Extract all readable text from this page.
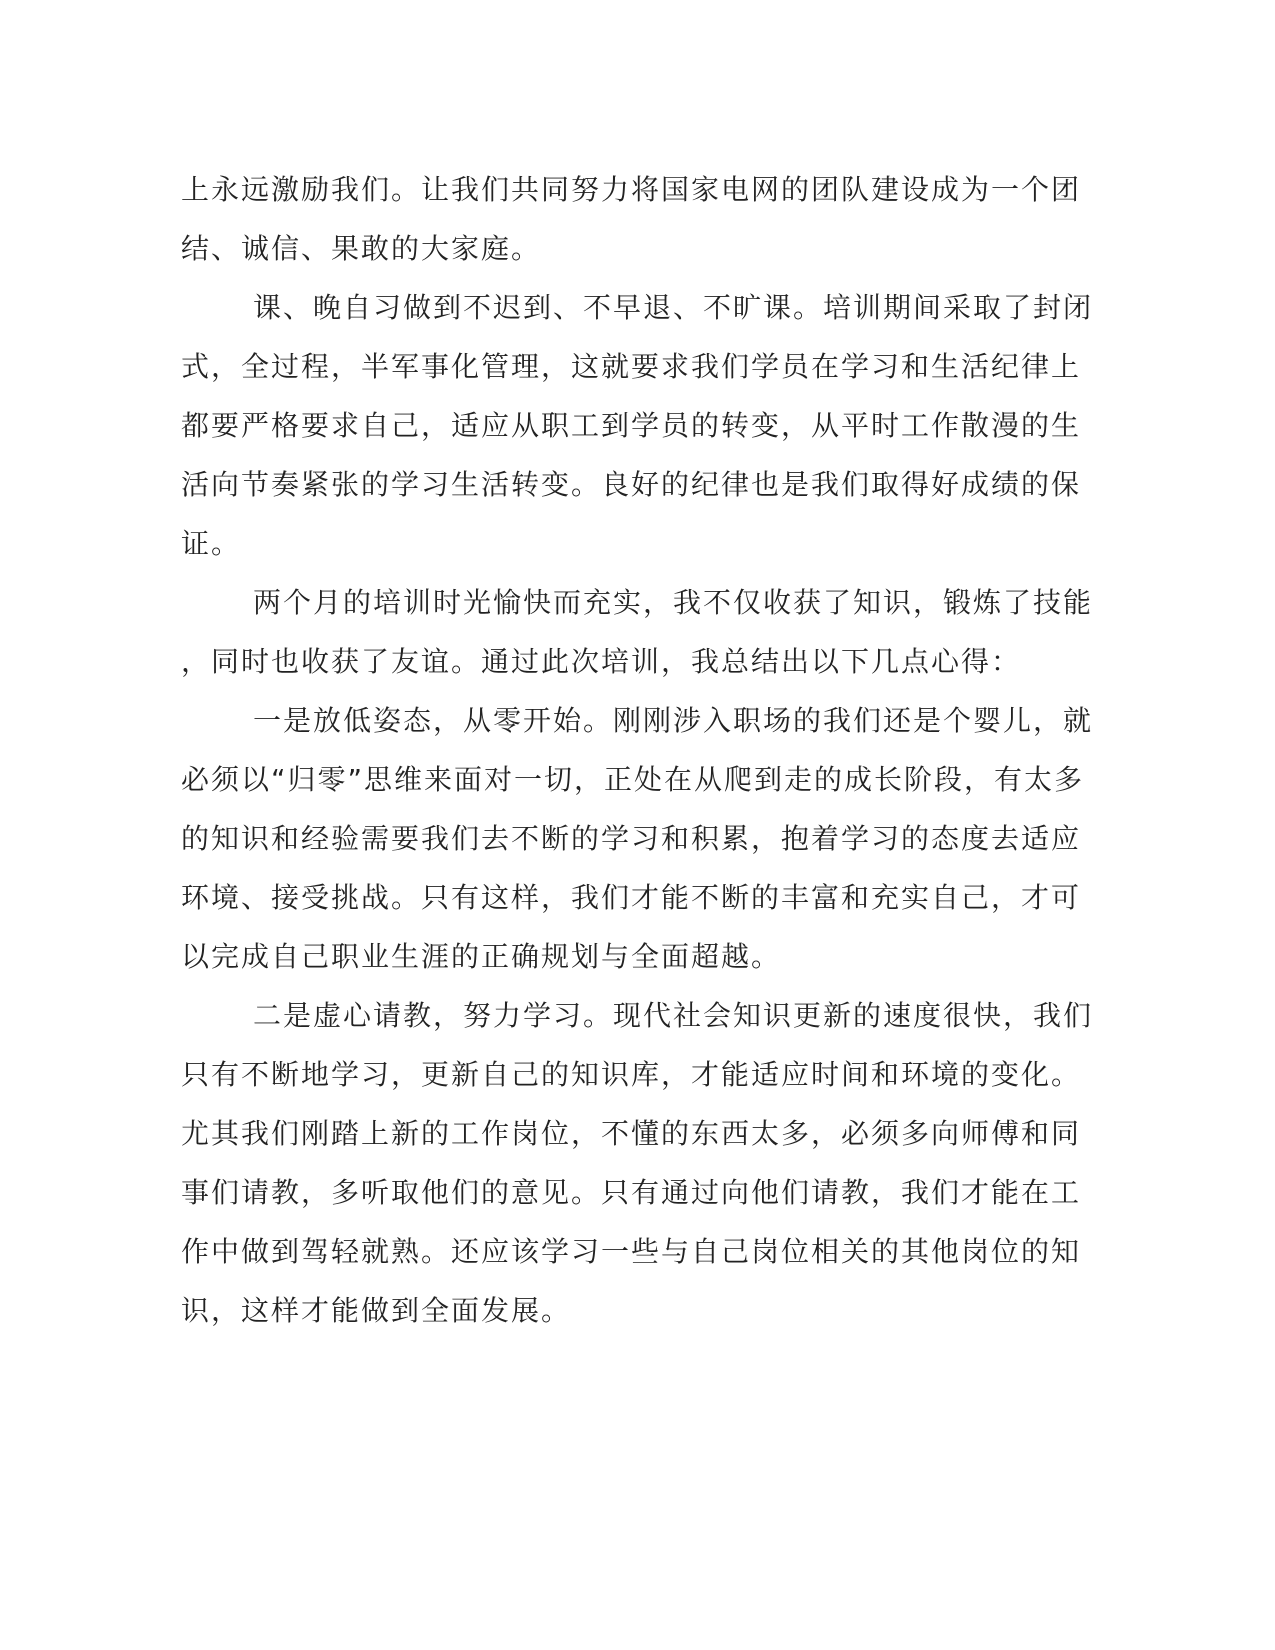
上永远激励我们。让我们共同努力将国家电网的团队建设成为一个团
结、诚信、果敢的大家庭。
课、晚自习做到不迟到、不早退、不旷课。培训期间采取了封闭
式，全过程，半军事化管理，这就要求我们学员在学习和生活纪律上
都要严格要求自己，适应从职工到学员的转变，从平时工作散漫的生
活向节奏紧张的学习生活转变。良好的纪律也是我们取得好成绩的保
证。
两个月的培训时光愉快而充实，我不仅收获了知识，锻炼了技能
，同时也收获了友谊。通过此次培训，我总结出以下几点心得：
一是放低姿态，从零开始。刚刚涉入职场的我们还是个婴儿，就
必须以“归零”思维来面对一切，正处在从爬到走的成长阶段，有太多
的知识和经验需要我们去不断的学习和积累，抱着学习的态度去适应
环境、接受挑战。只有这样，我们才能不断的丰富和充实自己，才可
以完成自己职业生涯的正确规划与全面超越。
二是虚心请教，努力学习。现代社会知识更新的速度很快，我们
只有不断地学习，更新自己的知识库，才能适应时间和环境的变化。
尤其我们刚踏上新的工作岗位，不懂的东西太多，必须多向师傅和同
事们请教，多听取他们的意见。只有通过向他们请教，我们才能在工
作中做到驾轻就熟。还应该学习一些与自己岗位相关的其他岗位的知
识，这样才能做到全面发展。
